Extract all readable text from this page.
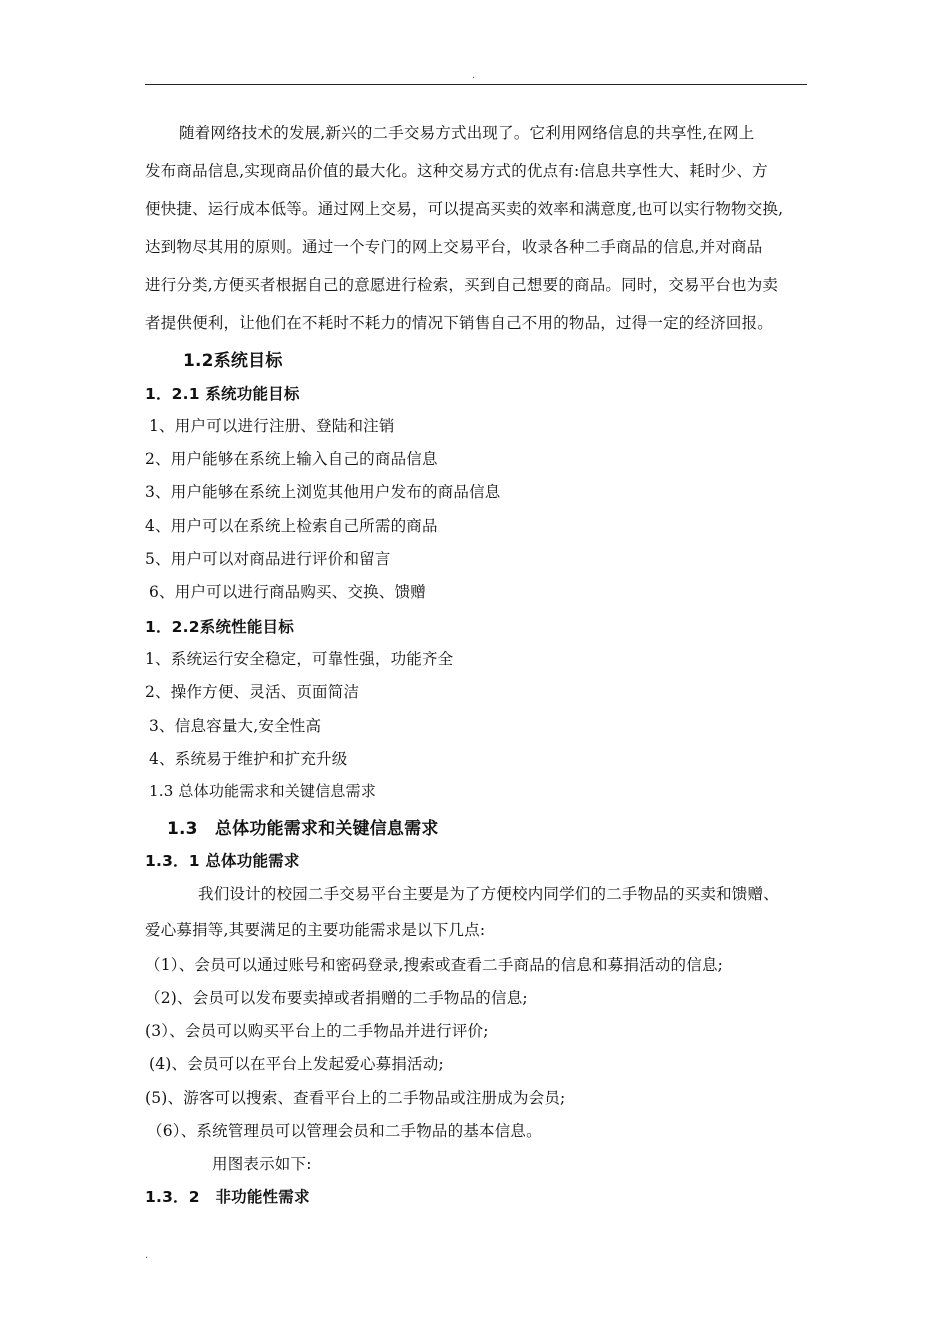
.
随着网络技术的发展,新兴的二手交易方式出现了。它利用网络信息的共享性,在网上
发布商品信息,实现商品价值的最大化。这种交易方式的优点有:信息共享性大、耗时少、方
便快捷、运行成本低等。通过网上交易，可以提高买卖的效率和满意度,也可以实行物物交换,
达到物尽其用的原则。通过一个专门的网上交易平台，收录各种二手商品的信息,并对商品
进行分类,方便买者根据自己的意愿进行检索，买到自己想要的商品。同时，交易平台也为卖
者提供便利，让他们在不耗时不耗力的情况下销售自己不用的物品，过得一定的经济回报。
1.2系统目标
1．2.1 系统功能目标
1、用户可以进行注册、登陆和注销
2、用户能够在系统上输入自己的商品信息
3、用户能够在系统上浏览其他用户发布的商品信息
4、用户可以在系统上检索自己所需的商品
5、用户可以对商品进行评价和留言
6、用户可以进行商品购买、交换、馈赠
1．2.2系统性能目标
1、系统运行安全稳定，可靠性强，功能齐全
2、操作方便、灵活、页面简洁
3、信息容量大,安全性高
4、系统易于维护和扩充升级
1.3 总体功能需求和关键信息需求
1.3　总体功能需求和关键信息需求
1.3．1 总体功能需求
我们设计的校园二手交易平台主要是为了方便校内同学们的二手物品的买卖和馈赠、
爱心募捐等,其要满足的主要功能需求是以下几点:
（1）、会员可以通过账号和密码登录,搜索或查看二手商品的信息和募捐活动的信息;
（2)、会员可以发布要卖掉或者捐赠的二手物品的信息;
(3）、会员可以购买平台上的二手物品并进行评价;
(4)、会员可以在平台上发起爱心募捐活动;
(5)、游客可以搜索、查看平台上的二手物品或注册成为会员;
（6）、系统管理员可以管理会员和二手物品的基本信息。
用图表示如下:
1.3．2　非功能性需求
.
